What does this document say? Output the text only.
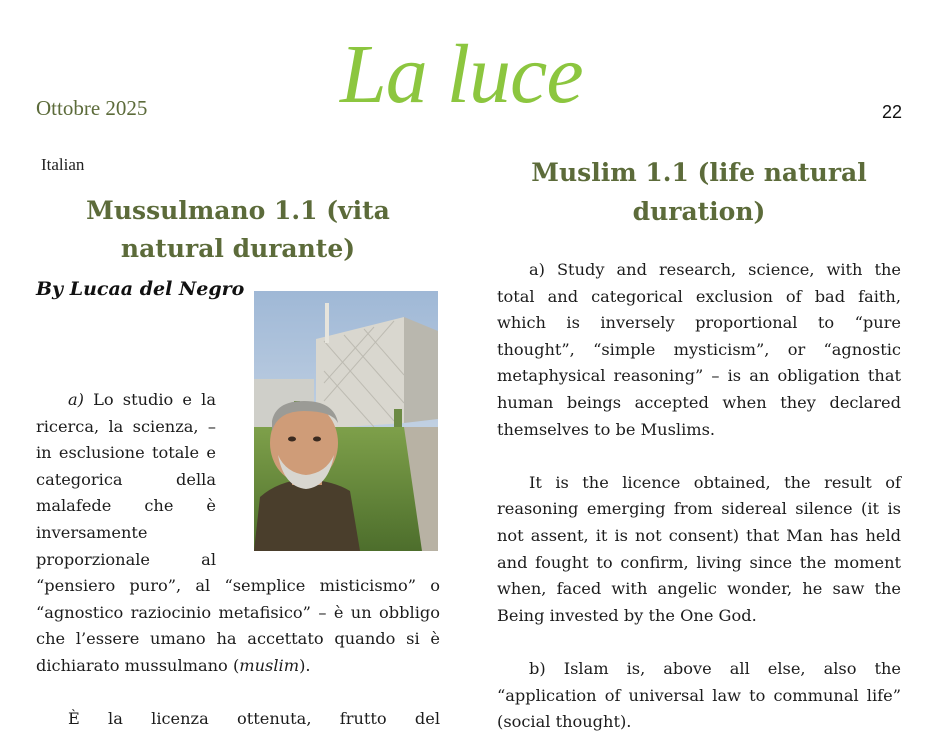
Ottobre 2025 La luce	22
Italian
Mussulmano 1.1 (vita natural durante)
By Lucaa del Negro

a) Lo studio e la ricerca, la scienza, – in esclusione totale e categorica della malafede che è inversamente proporzionale al “pensiero puro”, al “semplice misticismo” o “agnostico raziocinio metafisico” – è un obbligo che l’essere umano ha accettato quando si è dichiarato mussulmano (muslim).

È la licenza ottenuta, frutto del

Muslim 1.1 (life natural duration)

a) Study and research, science, with the total and categorical exclusion of bad faith, which is inversely proportional to “pure thought”, “simple mysticism”, or “agnostic metaphysical reasoning” – is an obligation that human beings accepted when they declared themselves to be Muslims.

It is the licence obtained, the result of reasoning emerging from sidereal silence (it is not assent, it is not consent) that Man has held and fought to confirm, living since the moment when, faced with angelic wonder, he saw the Being invested by the One God.

b) Islam is, above all else, also the “application of universal law to communal life” (social thought).
